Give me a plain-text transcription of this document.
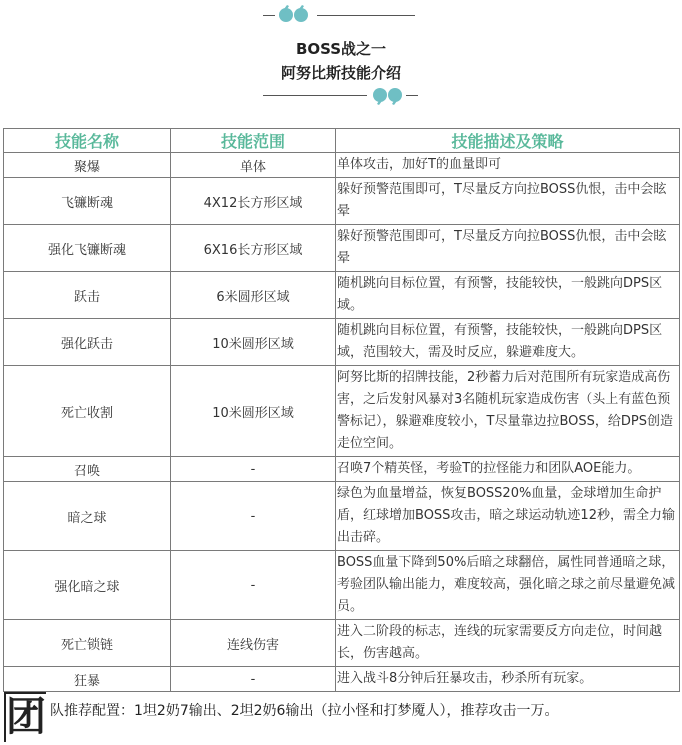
BOSS战之一
阿努比斯技能介绍
技能名称	技能范围	技能描述及策略
聚爆	单体	单体攻击，加好T的血量即可
飞镰断魂	4X12长方形区域	躲好预警范围即可，T尽量反方向拉BOSS仇恨，击中会眩晕
强化飞镰断魂	6X16长方形区域	躲好预警范围即可，T尽量反方向拉BOSS仇恨，击中会眩晕
跃击	6米圆形区域	随机跳向目标位置，有预警，技能较快，一般跳向DPS区域。
强化跃击	10米圆形区域	随机跳向目标位置，有预警，技能较快，一般跳向DPS区域，范围较大，需及时反应，躲避难度大。
死亡收割	10米圆形区域	阿努比斯的招牌技能，2秒蓄力后对范围所有玩家造成高伤害，之后发射风暴对3名随机玩家造成伤害（头上有蓝色预警标记），躲避难度较小，T尽量靠边拉BOSS，给DPS创造走位空间。
召唤	-	召唤7个精英怪，考验T的拉怪能力和团队AOE能力。
暗之球	-	绿色为血量增益，恢复BOSS20%血量，金球增加生命护盾，红球增加BOSS攻击，暗之球运动轨迹12秒，需全力输出击碎。
强化暗之球	-	BOSS血量下降到50%后暗之球翻倍，属性同普通暗之球，考验团队输出能力，难度较高，强化暗之球之前尽量避免减员。
死亡锁链	连线伤害	进入二阶段的标志，连线的玩家需要反方向走位，时间越长，伤害越高。
狂暴	-	进入战斗8分钟后狂暴攻击，秒杀所有玩家。
团 队推荐配置：1坦2奶7输出、2坦2奶6输出（拉小怪和打梦魇人），推荐攻击一万。
